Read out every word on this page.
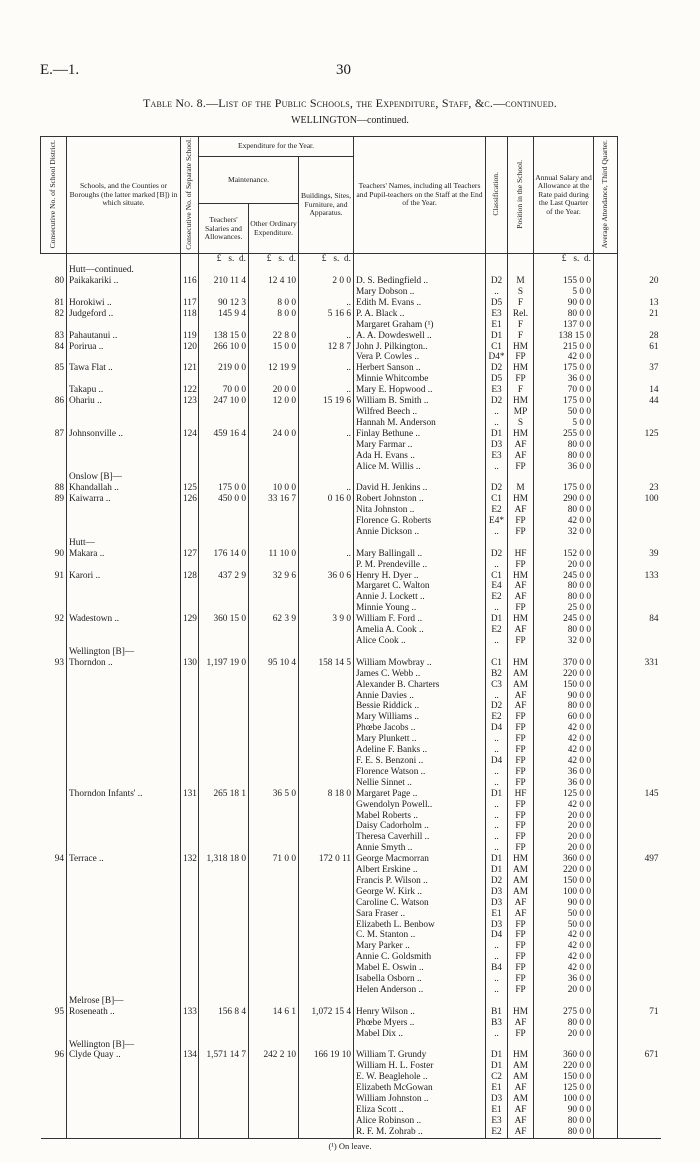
E.—1.	30
Table No. 8.—List of the Public Schools, the Expenditure, Staff, &c.—continued.
WELLINGTON—continued.
Consecutive No. of School District.	Schools, and the Counties or Boroughs (the latter marked [B]) in which situate.	Consecutive No. of Separate School.	Expenditure for the Year.			Teachers' Names, including all Teachers and Pupil-teachers on the Staff at the End of the Year.	Classification.	Position in the School.	Annual Salary and Allowance at the Rate paid during the Last Quarter of the Year.	Average Attendance, Third Quarter.	
			Maintenance.		Buildings, Sites, Furniture, and Apparatus.						
			Teachers' Salaries and Allowances.	Other Ordinary Expenditure.							
			£ s. d.	£ s. d.	£ s. d.				£ s. d.		
	Hutt—continued.										
80	Paikakariki ..	116	210 11 4	12 4 10	2 0 0	D. S. Bedingfield ..	D2	M	155 0 0		20
						Mary Dobson ..	..	S	5 0 0		
81	Horokiwi ..	117	90 12 3	8 0 0	..	Edith M. Evans ..	D5	F	90 0 0		13
82	Judgeford ..	118	145 9 4	8 0 0	5 16 6	P. A. Black ..	E3	Rel.	80 0 0		21
						Margaret Graham (¹)	E1	F	137 0 0		
83	Pahautanui ..	119	138 15 0	22 8 0	..	A. A. Dowdeswell ..	D1	F	138 15 0		28
84	Porirua ..	120	266 10 0	15 0 0	12 8 7	John J. Pilkington..	C1	HM	215 0 0		61
						Vera P. Cowles ..	D4*	FP	42 0 0		
85	Tawa Flat ..	121	219 0 0	12 19 9	..	Herbert Sanson ..	D2	HM	175 0 0		37
						Minnie Whitcombe	D5	FP	36 0 0		
	Takapu ..	122	70 0 0	20 0 0	..	Mary E. Hopwood ..	E3	F	70 0 0		14
86	Ohariu ..	123	247 10 0	12 0 0	15 19 6	William B. Smith ..	D2	HM	175 0 0		44
						Wilfred Beech ..	..	MP	50 0 0		
						Hannah M. Anderson	..	S	5 0 0		
87	Johnsonville ..	124	459 16 4	24 0 0	..	Finlay Bethune ..	D1	HM	255 0 0		125
						Mary Farmar ..	D3	AF	80 0 0		
						Ada H. Evans ..	E3	AF	80 0 0		
						Alice M. Willis ..	..	FP	36 0 0		
	Onslow [B]—										
88	Khandallah ..	125	175 0 0	10 0 0	..	David H. Jenkins ..	D2	M	175 0 0		23
89	Kaiwarra ..	126	450 0 0	33 16 7	0 16 0	Robert Johnston ..	C1	HM	290 0 0		100
						Nita Johnston ..	E2	AF	80 0 0		
						Florence G. Roberts	E4*	FP	42 0 0		
						Annie Dickson ..	..	FP	32 0 0		
	Hutt—										
90	Makara ..	127	176 14 0	11 10 0	..	Mary Ballingall ..	D2	HF	152 0 0		39
						P. M. Prendeville ..	..	FP	20 0 0		
91	Karori ..	128	437 2 9	32 9 6	36 0 6	Henry H. Dyer ..	C1	HM	245 0 0		133
						Margaret C. Walton	E4	AF	80 0 0		
						Annie J. Lockett ..	E2	AF	80 0 0		
						Minnie Young ..	..	FP	25 0 0		
92	Wadestown ..	129	360 15 0	62 3 9	3 9 0	William F. Ford ..	D1	HM	245 0 0		84
						Amelia A. Cook ..	E2	AF	80 0 0		
						Alice Cook ..	..	FP	32 0 0		
	Wellington [B]—										
93	Thorndon ..	130	1,197 19 0	95 10 4	158 14 5	William Mowbray ..	C1	HM	370 0 0		331
						James C. Webb ..	B2	AM	220 0 0		
						Alexander B. Charters	C3	AM	150 0 0		
						Annie Davies ..	..	AF	90 0 0		
						Bessie Riddick ..	D2	AF	80 0 0		
						Mary Williams ..	E2	FP	60 0 0		
						Phœbe Jacobs ..	D4	FP	42 0 0		
						Mary Plunkett ..	..	FP	42 0 0		
						Adeline F. Banks ..	..	FP	42 0 0		
						F. E. S. Benzoni ..	D4	FP	42 0 0		
						Florence Watson ..	..	FP	36 0 0		
						Nellie Sinnet ..	..	FP	36 0 0		
	Thorndon Infants' ..	131	265 18 1	36 5 0	8 18 0	Margaret Page ..	D1	HF	125 0 0		145
						Gwendolyn Powell..	..	FP	42 0 0		
						Mabel Roberts ..	..	FP	20 0 0		
						Daisy Cadorholm ..	..	FP	20 0 0		
						Theresa Caverhill ..	..	FP	20 0 0		
						Annie Smyth ..	..	FP	20 0 0		
94	Terrace ..	132	1,318 18 0	71 0 0	172 0 11	George Macmorran	D1	HM	360 0 0		497
						Albert Erskine ..	D1	AM	220 0 0		
						Francis P. Wilson ..	D2	AM	150 0 0		
						George W. Kirk ..	D3	AM	100 0 0		
						Caroline C. Watson	D3	AF	90 0 0		
						Sara Fraser ..	E1	AF	50 0 0		
						Elizabeth L. Benbow	D3	FP	50 0 0		
						C. M. Stanton ..	D4	FP	42 0 0		
						Mary Parker ..	..	FP	42 0 0		
						Annie C. Goldsmith	..	FP	42 0 0		
						Mabel E. Oswin ..	B4	FP	42 0 0		
						Isabella Osborn ..	..	FP	36 0 0		
						Helen Anderson ..	..	FP	20 0 0		
	Melrose [B]—										
95	Roseneath ..	133	156 8 4	14 6 1	1,072 15 4	Henry Wilson ..	B1	HM	275 0 0		71
						Phœbe Myers ..	B3	AF	80 0 0		
						Mabel Dix ..	..	FP	20 0 0		
	Wellington [B]—										
96	Clyde Quay ..	134	1,571 14 7	242 2 10	166 19 10	William T. Grundy	D1	HM	360 0 0		671
						William H. L. Foster	D1	AM	220 0 0		
						E. W. Beaglehole ..	C2	AM	150 0 0		
						Elizabeth McGowan	E1	AF	125 0 0		
						William Johnston ..	D3	AM	100 0 0		
						Eliza Scott ..	E1	AF	90 0 0		
						Alice Robinson ..	E3	AF	80 0 0		
						R. F. M. Zohrab ..	E2	AF	80 0 0		
(¹) On leave.
